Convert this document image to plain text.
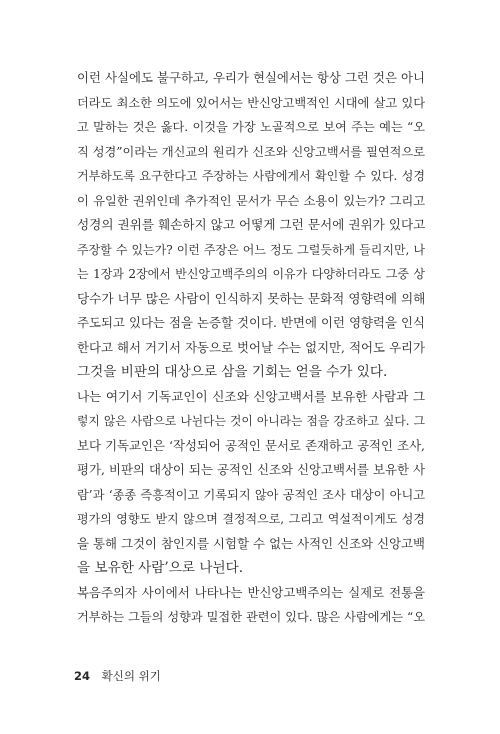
이런 사실에도 불구하고, 우리가 현실에서는 항상 그런 것은 아니
더라도 최소한 의도에 있어서는 반신앙고백적인 시대에 살고 있다
고 말하는 것은 옳다. 이것을 가장 노골적으로 보여 주는 예는 “오
직 성경”이라는 개신교의 원리가 신조와 신앙고백서를 필연적으로
거부하도록 요구한다고 주장하는 사람에게서 확인할 수 있다. 성경
이 유일한 권위인데 추가적인 문서가 무슨 소용이 있는가? 그리고
성경의 권위를 훼손하지 않고 어떻게 그런 문서에 권위가 있다고
주장할 수 있는가? 이런 주장은 어느 정도 그럴듯하게 들리지만, 나
는 1장과 2장에서 반신앙고백주의의 이유가 다양하더라도 그중 상
당수가 너무 많은 사람이 인식하지 못하는 문화적 영향력에 의해
주도되고 있다는 점을 논증할 것이다. 반면에 이런 영향력을 인식
한다고 해서 거기서 자동으로 벗어날 수는 없지만, 적어도 우리가
그것을 비판의 대상으로 삼을 기회는 얻을 수가 있다.
나는 여기서 기독교인이 신조와 신앙고백서를 보유한 사람과 그
렇지 않은 사람으로 나뉜다는 것이 아니라는 점을 강조하고 싶다. 그
보다 기독교인은 ‘작성되어 공적인 문서로 존재하고 공적인 조사,
평가, 비판의 대상이 되는 공적인 신조와 신앙고백서를 보유한 사
람’과 ‘종종 즉흥적이고 기록되지 않아 공적인 조사 대상이 아니고
평가의 영향도 받지 않으며 결정적으로, 그리고 역설적이게도 성경
을 통해 그것이 참인지를 시험할 수 없는 사적인 신조와 신앙고백
을 보유한 사람’으로 나뉜다.
복음주의자 사이에서 나타나는 반신앙고백주의는 실제로 전통을
거부하는 그들의 성향과 밀접한 관련이 있다. 많은 사람에게는 “오
24 확신의 위기
